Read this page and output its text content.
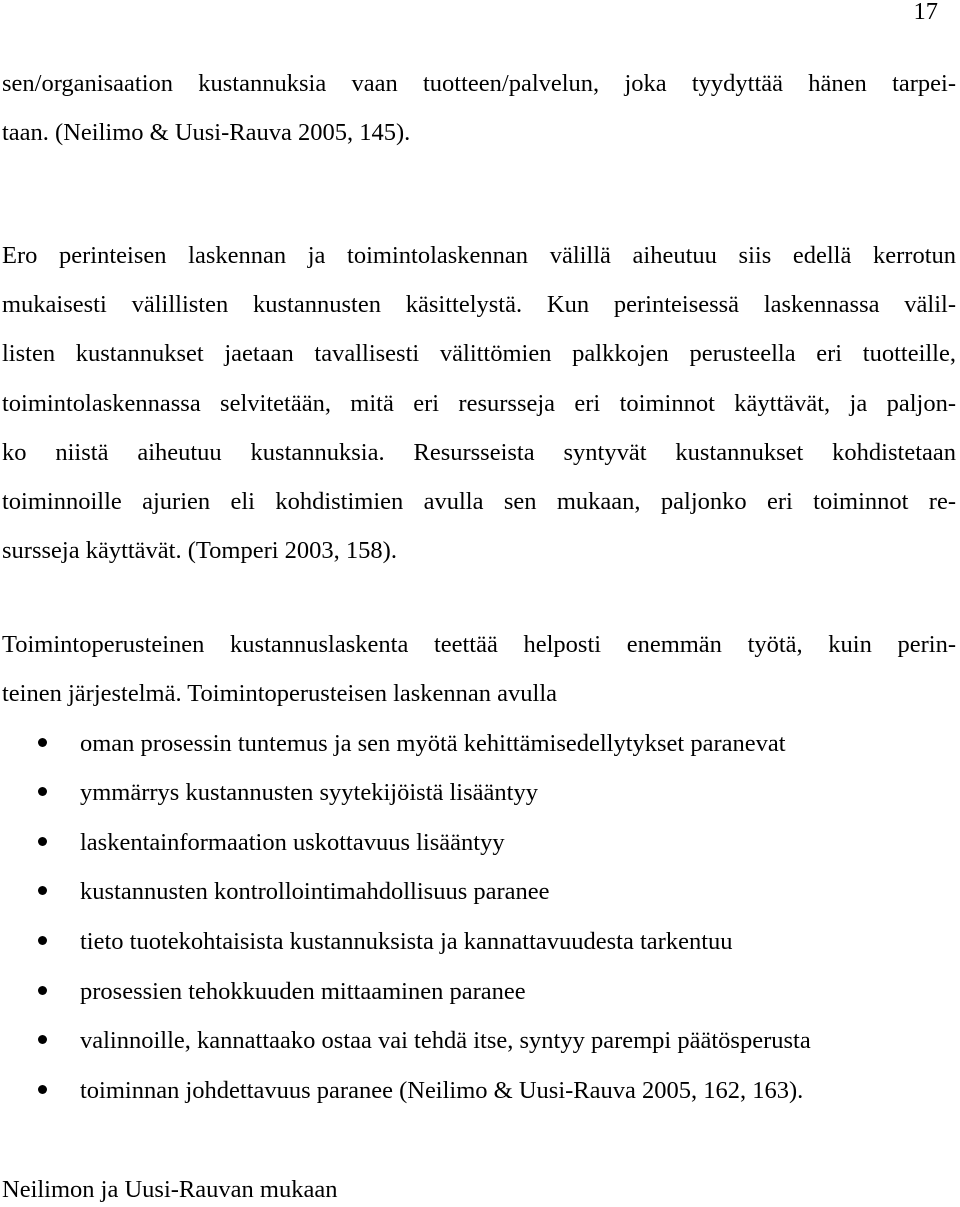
17
sen/organisaation kustannuksia vaan tuotteen/palvelun, joka tyydyttää hänen tarpei-
taan. (Neilimo & Uusi-Rauva 2005, 145).
Ero perinteisen laskennan ja toimintolaskennan välillä aiheutuu siis edellä kerrotun
mukaisesti välillisten kustannusten käsittelystä. Kun perinteisessä laskennassa välil-
listen kustannukset jaetaan tavallisesti välittömien palkkojen perusteella eri tuotteille,
toimintolaskennassa selvitetään, mitä eri resursseja eri toiminnot käyttävät, ja paljon-
ko niistä aiheutuu kustannuksia. Resursseista syntyvät kustannukset kohdistetaan
toiminnoille ajurien eli kohdistimien avulla sen mukaan, paljonko eri toiminnot re-
sursseja käyttävät. (Tomperi 2003, 158).
Toimintoperusteinen kustannuslaskenta teettää helposti enemmän työtä, kuin perin-
teinen järjestelmä. Toimintoperusteisen laskennan avulla
oman prosessin tuntemus ja sen myötä kehittämisedellytykset paranevat
ymmärrys kustannusten syytekijöistä lisääntyy
laskentainformaation uskottavuus lisääntyy
kustannusten kontrollointimahdollisuus paranee
tieto tuotekohtaisista kustannuksista ja kannattavuudesta tarkentuu
prosessien tehokkuuden mittaaminen paranee
valinnoille, kannattaako ostaa vai tehdä itse, syntyy parempi päätösperusta
toiminnan johdettavuus paranee (Neilimo & Uusi-Rauva 2005, 162, 163).
Neilimon ja Uusi-Rauvan mukaan
